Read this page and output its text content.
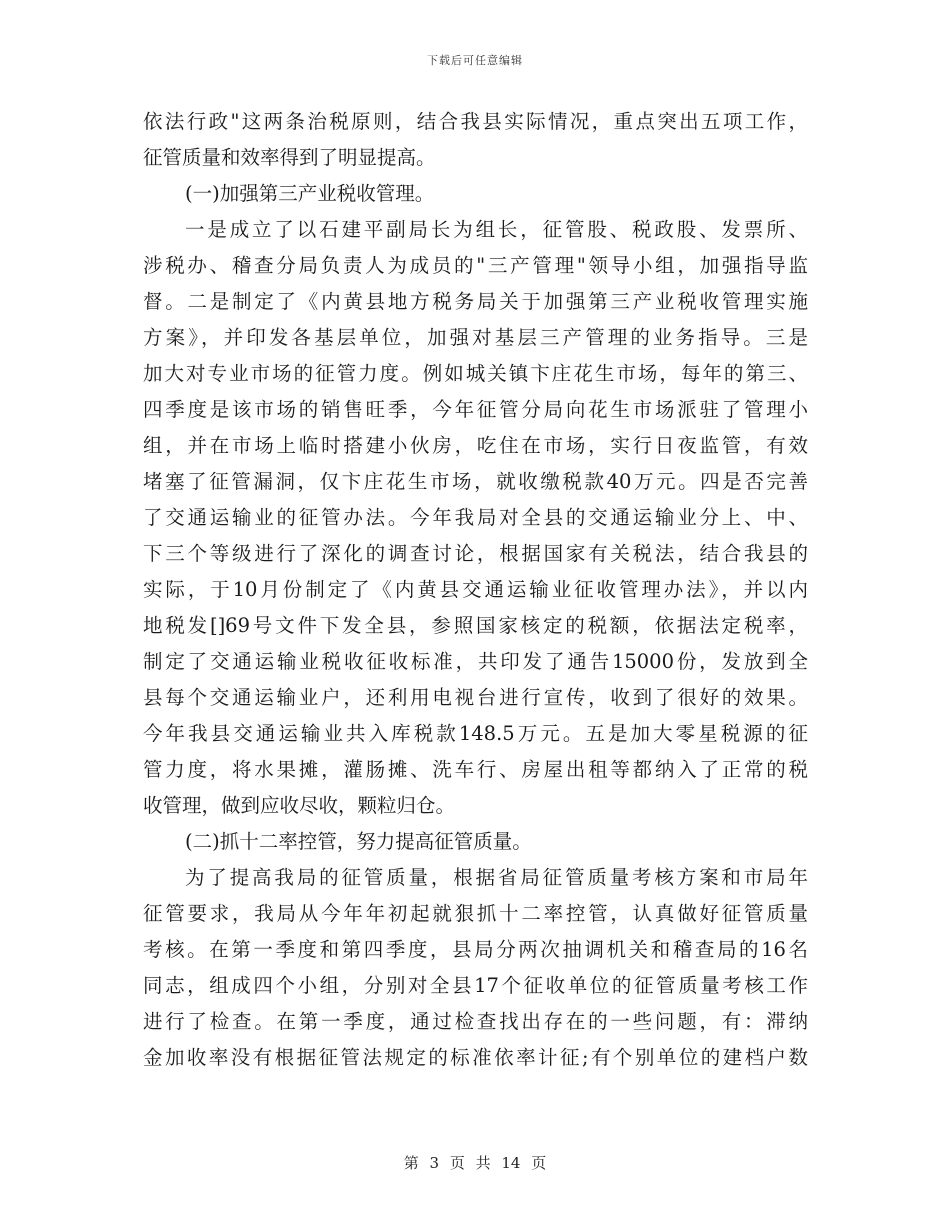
下载后可任意编辑
依法行政"这两条治税原则，结合我县实际情况，重点突出五项工作，
征管质量和效率得到了明显提高。
(一)加强第三产业税收管理。
一是成立了以石建平副局长为组长，征管股、税政股、发票所、
涉税办、稽查分局负责人为成员的"三产管理"领导小组，加强指导监
督。二是制定了《内黄县地方税务局关于加强第三产业税收管理实施
方案》，并印发各基层单位，加强对基层三产管理的业务指导。三是
加大对专业市场的征管力度。例如城关镇卞庄花生市场，每年的第三、
四季度是该市场的销售旺季，今年征管分局向花生市场派驻了管理小
组，并在市场上临时搭建小伙房，吃住在市场，实行日夜监管，有效
堵塞了征管漏洞，仅卞庄花生市场，就收缴税款40万元。四是否完善
了交通运输业的征管办法。今年我局对全县的交通运输业分上、中、
下三个等级进行了深化的调查讨论，根据国家有关税法，结合我县的
实际，于10月份制定了《内黄县交通运输业征收管理办法》，并以内
地税发[]69号文件下发全县，参照国家核定的税额，依据法定税率，
制定了交通运输业税收征收标准，共印发了通告15000份，发放到全
县每个交通运输业户，还利用电视台进行宣传，收到了很好的效果。
今年我县交通运输业共入库税款148.5万元。五是加大零星税源的征
管力度，将水果摊，灌肠摊、洗车行、房屋出租等都纳入了正常的税
收管理，做到应收尽收，颗粒归仓。
(二)抓十二率控管，努力提高征管质量。
为了提高我局的征管质量，根据省局征管质量考核方案和市局年
征管要求，我局从今年年初起就狠抓十二率控管，认真做好征管质量
考核。在第一季度和第四季度，县局分两次抽调机关和稽查局的16名
同志，组成四个小组，分别对全县17个征收单位的征管质量考核工作
进行了检查。在第一季度，通过检查找出存在的一些问题，有：滞纳
金加收率没有根据征管法规定的标准依率计征;有个别单位的建档户数
第 3 页 共 14 页
